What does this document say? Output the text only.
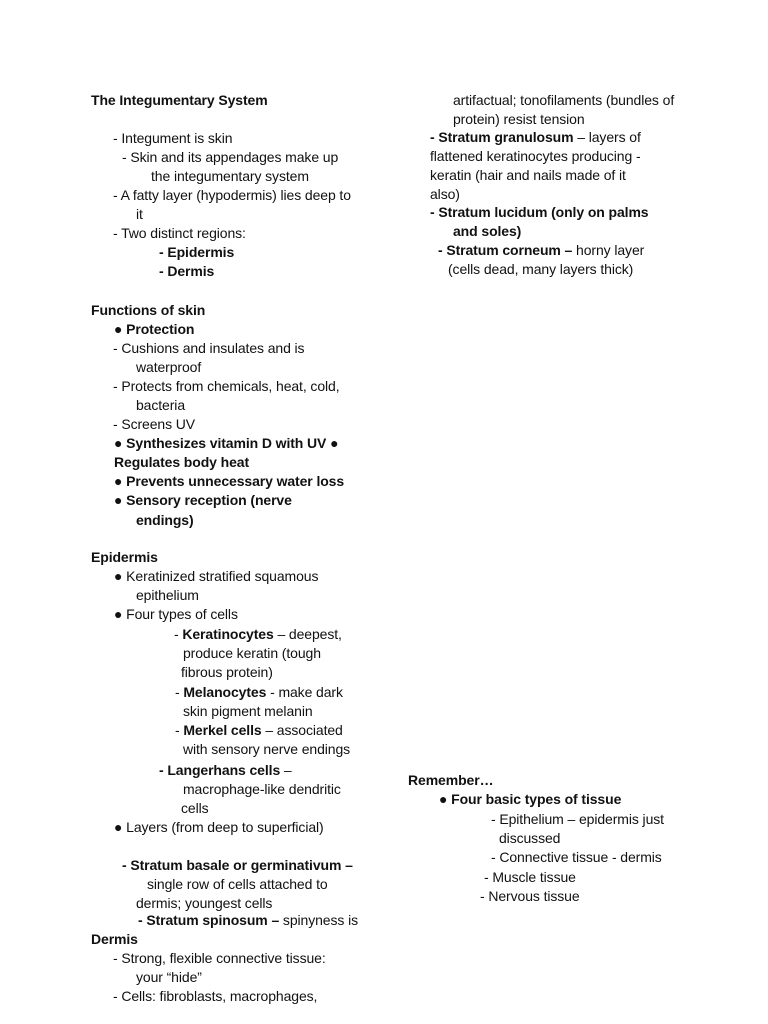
The Integumentary System
- Integument is skin
- Skin and its appendages make up
the integumentary system
- A fatty layer (hypodermis) lies deep to
it
- Two distinct regions:
- Epidermis
- Dermis
Functions of skin
● Protection
- Cushions and insulates and is
waterproof
- Protects from chemicals, heat, cold,
bacteria
- Screens UV
● Synthesizes vitamin D with UV ●
Regulates body heat
● Prevents unnecessary water loss
● Sensory reception (nerve
endings)
Epidermis
● Keratinized stratified squamous
epithelium
● Four types of cells
- Keratinocytes – deepest,
produce keratin (tough
fibrous protein)
- Melanocytes - make dark
skin pigment melanin
- Merkel cells – associated
with sensory nerve endings
- Langerhans cells –
macrophage-like dendritic
cells
● Layers (from deep to superficial)
- Stratum basale or germinativum –
single row of cells attached to
dermis; youngest cells
- Stratum spinosum – spinyness is
Dermis
- Strong, flexible connective tissue:
your “hide”
- Cells: fibroblasts, macrophages,
artifactual; tonofilaments (bundles of
protein) resist tension
- Stratum granulosum – layers of
flattened keratinocytes producing -
keratin (hair and nails made of it
also)
- Stratum lucidum (only on palms
and soles)
- Stratum corneum – horny layer
(cells dead, many layers thick)
Remember…
● Four basic types of tissue
- Epithelium – epidermis just
discussed
- Connective tissue - dermis
- Muscle tissue
- Nervous tissue
